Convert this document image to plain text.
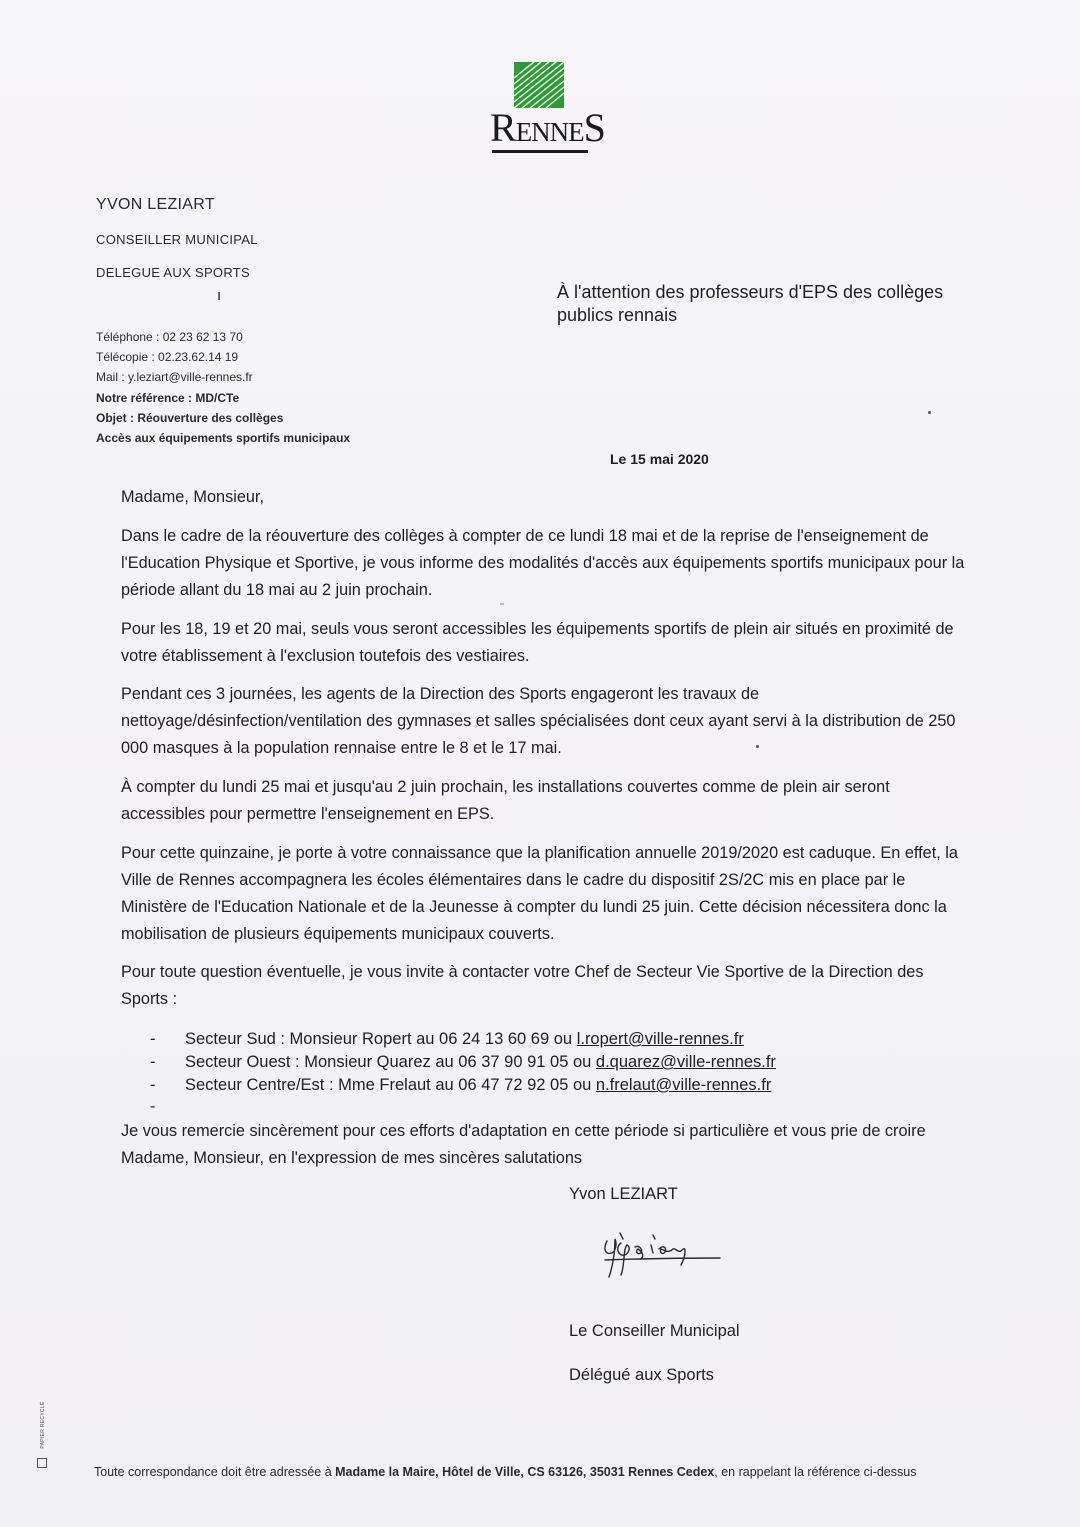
RENNES
YVON LEZIART
CONSEILLER MUNICIPAL
DELEGUE AUX SPORTS
Téléphone : 02 23 62 13 70
Télécopie : 02.23.62.14 19
Mail : y.leziart@ville-rennes.fr
Notre référence : MD/CTe
Objet : Réouverture des collèges
Accès aux équipements sportifs municipaux
À l'attention des professeurs d'EPS des collèges publics rennais
Le 15 mai 2020
Madame, Monsieur,
Dans le cadre de la réouverture des collèges à compter de ce lundi 18 mai et de la reprise de l'enseignement de l'Education Physique et Sportive, je vous informe des modalités d'accès aux équipements sportifs municipaux pour la période allant du 18 mai au 2 juin prochain.
Pour les 18, 19 et 20 mai, seuls vous seront accessibles les équipements sportifs de plein air situés en proximité de votre établissement à l'exclusion toutefois des vestiaires.
Pendant ces 3 journées, les agents de la Direction des Sports engageront les travaux de nettoyage/désinfection/ventilation des gymnases et salles spécialisées dont ceux ayant servi à la distribution de 250 000 masques à la population rennaise entre le 8 et le 17 mai.
À compter du lundi 25 mai et jusqu'au 2 juin prochain, les installations couvertes comme de plein air seront accessibles pour permettre l'enseignement en EPS.
Pour cette quinzaine, je porte à votre connaissance que la planification annuelle 2019/2020 est caduque. En effet, la Ville de Rennes accompagnera les écoles élémentaires dans le cadre du dispositif 2S/2C mis en place par le Ministère de l'Education Nationale et de la Jeunesse à compter du lundi 25 juin. Cette décision nécessitera donc la mobilisation de plusieurs équipements municipaux couverts.
Pour toute question éventuelle, je vous invite à contacter votre Chef de Secteur Vie Sportive de la Direction des Sports :
-	Secteur Sud : Monsieur Ropert au 06 24 13 60 69 ou l.ropert@ville-rennes.fr
-	Secteur Ouest : Monsieur Quarez au 06 37 90 91 05 ou d.quarez@ville-rennes.fr
-	Secteur Centre/Est : Mme Frelaut au 06 47 72 92 05 ou n.frelaut@ville-rennes.fr
-
Je vous remercie sincèrement pour ces efforts d'adaptation en cette période si particulière et vous prie de croire Madame, Monsieur, en l'expression de mes sincères salutations
Yvon LEZIART
Le Conseiller Municipal
Délégué aux Sports
PAPIER RECYCLÉ
Toute correspondance doit être adressée à Madame la Maire, Hôtel de Ville, CS 63126, 35031 Rennes Cedex, en rappelant la référence ci-dessus
